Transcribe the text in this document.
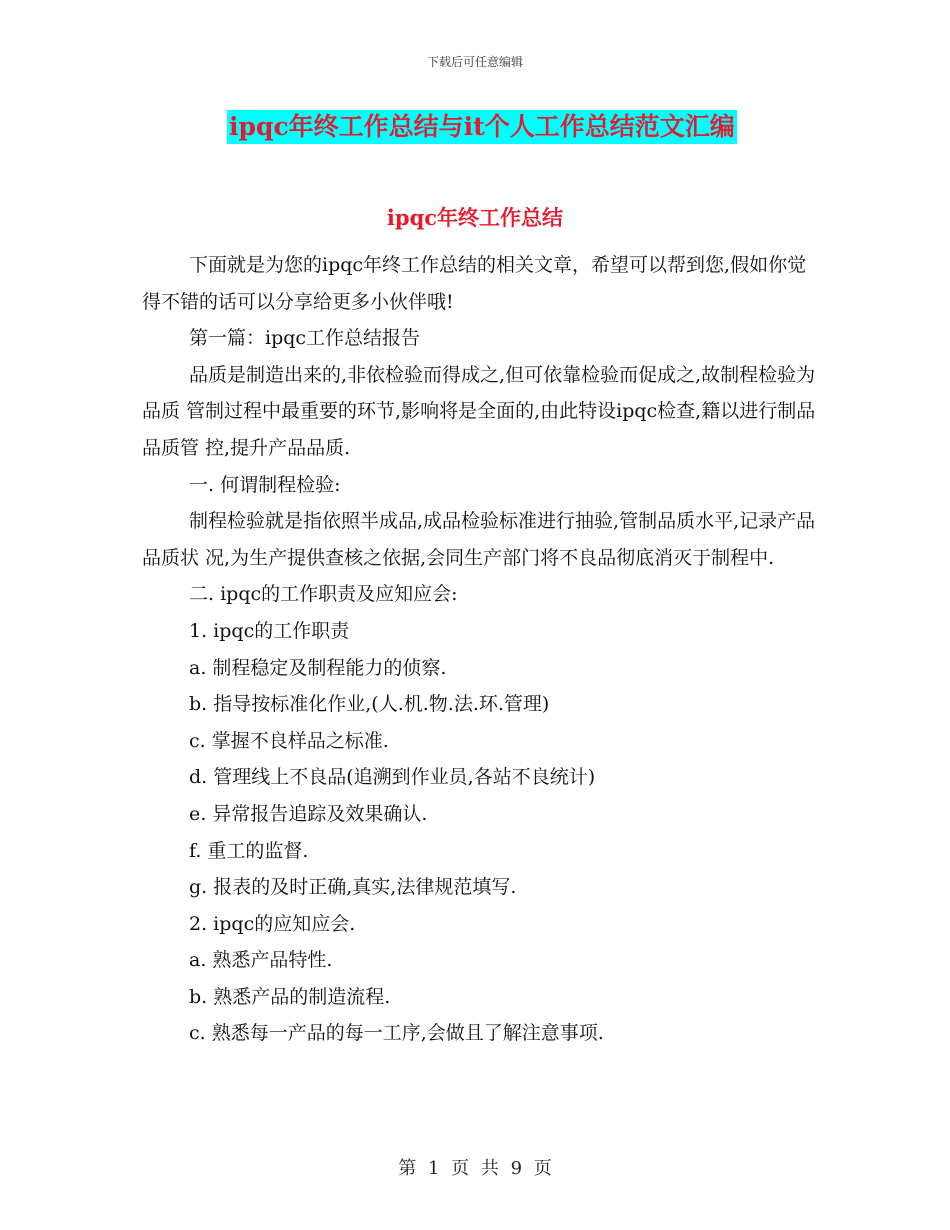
下载后可任意编辑
ipqc年终工作总结与it个人工作总结范文汇编
ipqc年终工作总结

下面就是为您的ipqc年终工作总结的相关文章，希望可以帮到您,假如你觉得不错的话可以分享给更多小伙伴哦!

第一篇：ipqc工作总结报告

品质是制造出来的,非依检验而得成之,但可依靠检验而促成之,故制程检验为品质 管制过程中最重要的环节,影响将是全面的,由此特设ipqc检查,籍以进行制品品质管 控,提升产品品质.

一. 何谓制程检验:

制程检验就是指依照半成品,成品检验标准进行抽验,管制品质水平,记录产品品质状 况,为生产提供查核之依据,会同生产部门将不良品彻底消灭于制程中.

二. ipqc的工作职责及应知应会:

1. ipqc的工作职责

a. 制程稳定及制程能力的侦察.

b. 指导按标准化作业,(人.机.物.法.环.管理)

c. 掌握不良样品之标准.

d. 管理线上不良品(追溯到作业员,各站不良统计)

e. 异常报告追踪及效果确认.

f. 重工的监督.

g. 报表的及时正确,真实,法律规范填写.

2. ipqc的应知应会.

a. 熟悉产品特性.

b. 熟悉产品的制造流程.

c. 熟悉每一产品的每一工序,会做且了解注意事项.

第 1 页 共 9 页
